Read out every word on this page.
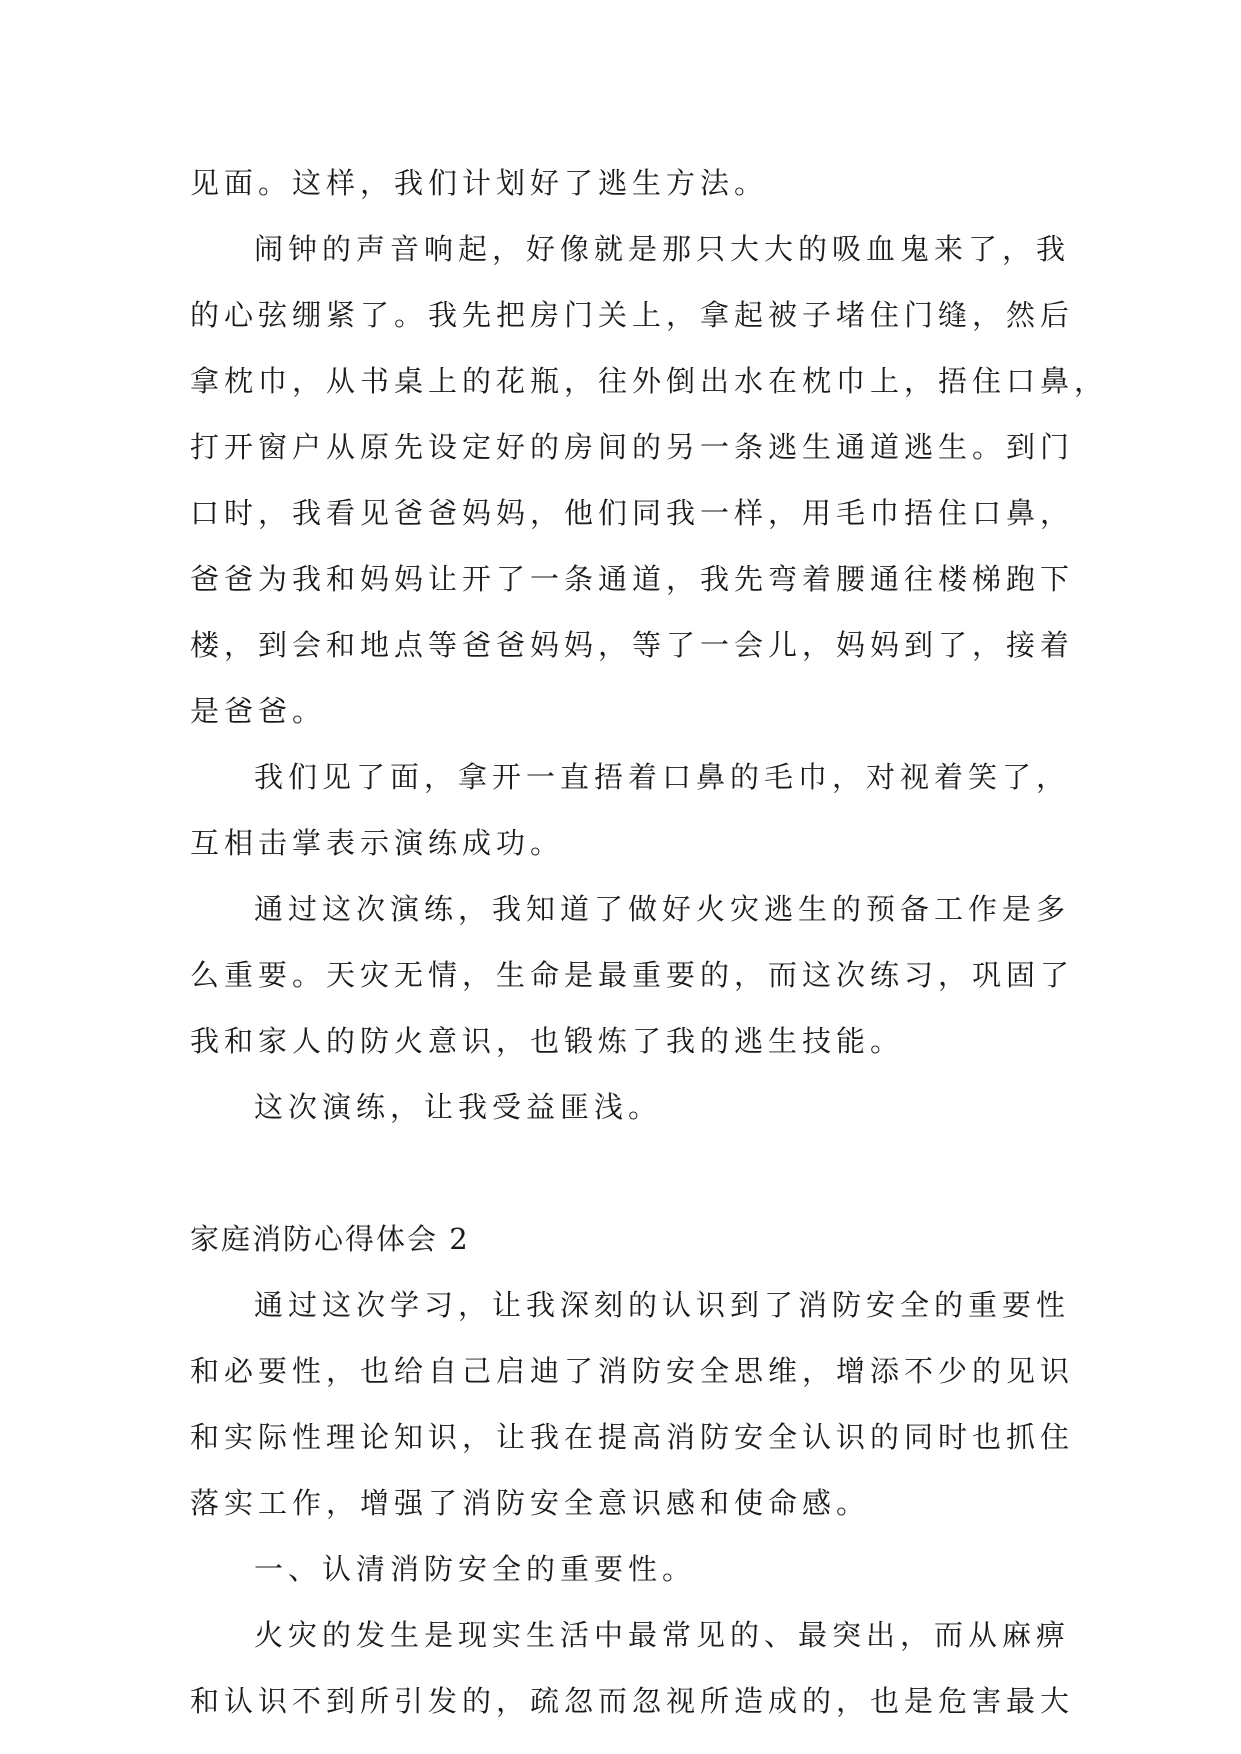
见面。这样，我们计划好了逃生方法。
闹钟的声音响起，好像就是那只大大的吸血鬼来了，我
的心弦绷紧了。我先把房门关上，拿起被子堵住门缝，然后
拿枕巾，从书桌上的花瓶，往外倒出水在枕巾上，捂住口鼻，
打开窗户从原先设定好的房间的另一条逃生通道逃生。到门
口时，我看见爸爸妈妈，他们同我一样，用毛巾捂住口鼻，
爸爸为我和妈妈让开了一条通道，我先弯着腰通往楼梯跑下
楼，到会和地点等爸爸妈妈，等了一会儿，妈妈到了，接着
是爸爸。
我们见了面，拿开一直捂着口鼻的毛巾，对视着笑了，
互相击掌表示演练成功。
通过这次演练，我知道了做好火灾逃生的预备工作是多
么重要。天灾无情，生命是最重要的，而这次练习，巩固了
我和家人的防火意识，也锻炼了我的逃生技能。
这次演练，让我受益匪浅。
家庭消防心得体会 2
通过这次学习，让我深刻的认识到了消防安全的重要性
和必要性，也给自己启迪了消防安全思维，增添不少的见识
和实际性理论知识，让我在提高消防安全认识的同时也抓住
落实工作，增强了消防安全意识感和使命感。
一、认清消防安全的重要性。
火灾的发生是现实生活中最常见的、最突出，而从麻痹
和认识不到所引发的，疏忽而忽视所造成的，也是危害最大
